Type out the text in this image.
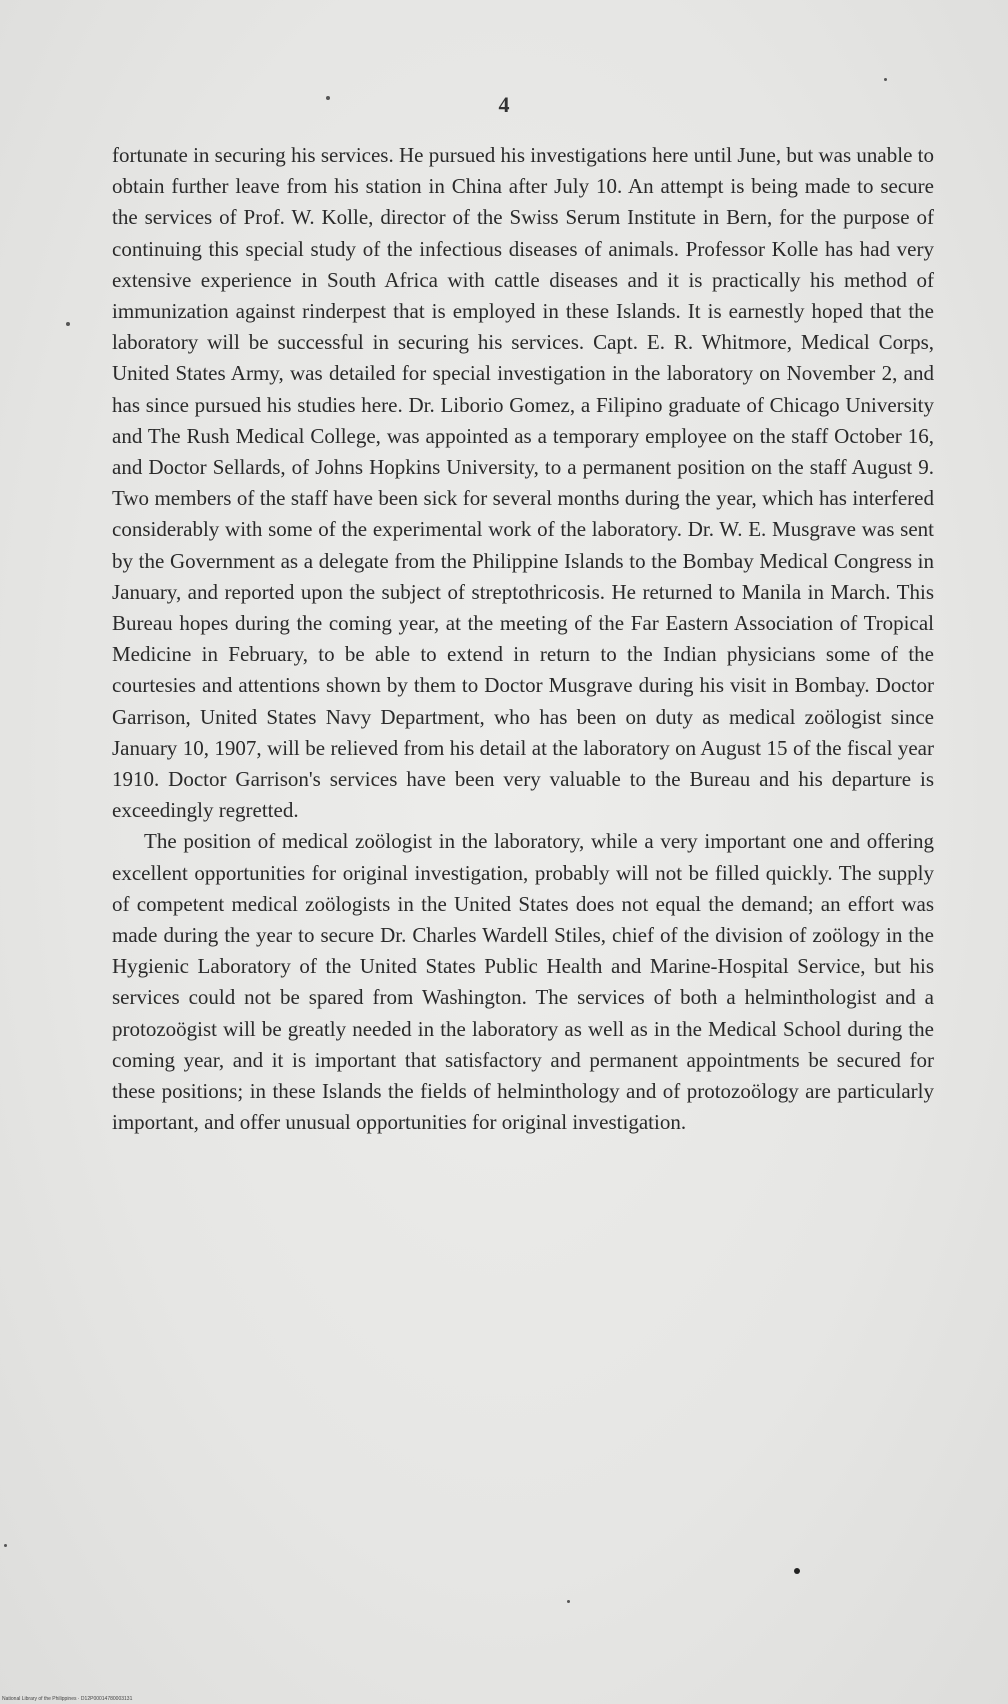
4

fortunate in securing his services. He pursued his investigations here until June, but was unable to obtain further leave from his station in China after July 10. An attempt is being made to secure the services of Prof. W. Kolle, director of the Swiss Serum Institute in Bern, for the purpose of continuing this special study of the infectious diseases of animals. Professor Kolle has had very extensive experience in South Africa with cattle diseases and it is practically his method of immunization against rinderpest that is employed in these Islands. It is earnestly hoped that the laboratory will be successful in securing his services. Capt. E. R. Whitmore, Medical Corps, United States Army, was detailed for special investigation in the laboratory on November 2, and has since pursued his studies here. Dr. Liborio Gomez, a Filipino graduate of Chicago University and The Rush Medical College, was appointed as a temporary employee on the staff October 16, and Doctor Sellards, of Johns Hopkins University, to a permanent position on the staff August 9. Two members of the staff have been sick for several months during the year, which has interfered considerably with some of the experimental work of the laboratory. Dr. W. E. Musgrave was sent by the Government as a delegate from the Philippine Islands to the Bombay Medical Congress in January, and reported upon the subject of streptothricosis. He returned to Manila in March. This Bureau hopes during the coming year, at the meeting of the Far Eastern Association of Tropical Medicine in February, to be able to extend in return to the Indian physicians some of the courtesies and attentions shown by them to Doctor Musgrave during his visit in Bombay. Doctor Garrison, United States Navy Department, who has been on duty as medical zoölogist since January 10, 1907, will be relieved from his detail at the laboratory on August 15 of the fiscal year 1910. Doctor Garrison's services have been very valuable to the Bureau and his departure is exceedingly regretted.

The position of medical zoölogist in the laboratory, while a very important one and offering excellent opportunities for original investigation, probably will not be filled quickly. The supply of competent medical zoölogists in the United States does not equal the demand; an effort was made during the year to secure Dr. Charles Wardell Stiles, chief of the division of zoölogy in the Hygienic Laboratory of the United States Public Health and Marine-Hospital Service, but his services could not be spared from Washington. The services of both a helminthologist and a protozoögist will be greatly needed in the laboratory as well as in the Medical School during the coming year, and it is important that satisfactory and permanent appointments be secured for these positions; in these Islands the fields of helminthology and of protozoölogy are particularly important, and offer unusual opportunities for original investigation.

National Library of the Philippines · D12P00014780003131
